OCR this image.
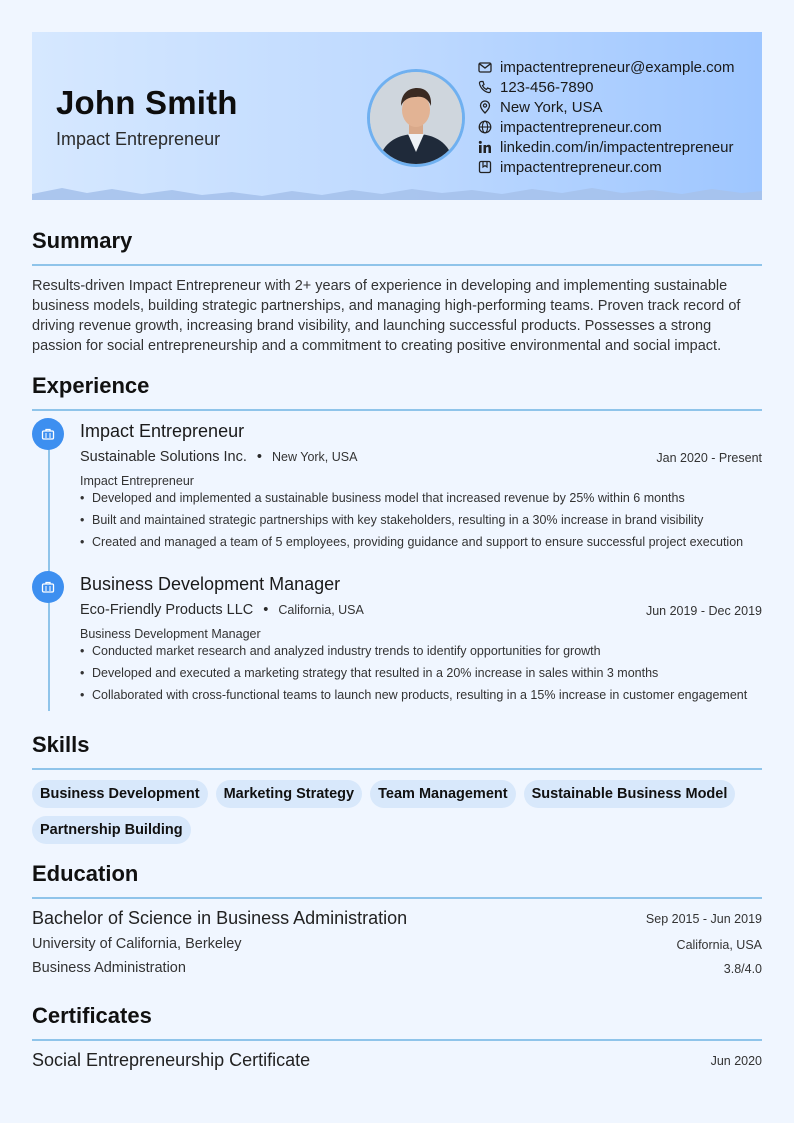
John Smith
Impact Entrepreneur
impactentrepreneur@example.com
123-456-7890
New York, USA
impactentrepreneur.com
linkedin.com/in/impactentrepreneur
impactentrepreneur.com
Summary
Results-driven Impact Entrepreneur with 2+ years of experience in developing and implementing sustainable business models, building strategic partnerships, and managing high-performing teams. Proven track record of driving revenue growth, increasing brand visibility, and launching successful products. Possesses a strong passion for social entrepreneurship and a commitment to creating positive environmental and social impact.
Experience
Impact Entrepreneur
Sustainable Solutions Inc. • New York, USA	Jan 2020 - Present
Impact Entrepreneur
• Developed and implemented a sustainable business model that increased revenue by 25% within 6 months
• Built and maintained strategic partnerships with key stakeholders, resulting in a 30% increase in brand visibility
• Created and managed a team of 5 employees, providing guidance and support to ensure successful project execution
Business Development Manager
Eco-Friendly Products LLC • California, USA	Jun 2019 - Dec 2019
Business Development Manager
• Conducted market research and analyzed industry trends to identify opportunities for growth
• Developed and executed a marketing strategy that resulted in a 20% increase in sales within 3 months
• Collaborated with cross-functional teams to launch new products, resulting in a 15% increase in customer engagement
Skills
Business Development	Marketing Strategy	Team Management	Sustainable Business Model
Partnership Building
Education
Bachelor of Science in Business Administration	Sep 2015 - Jun 2019
University of California, Berkeley	California, USA
Business Administration	3.8/4.0
Certificates
Social Entrepreneurship Certificate	Jun 2020
